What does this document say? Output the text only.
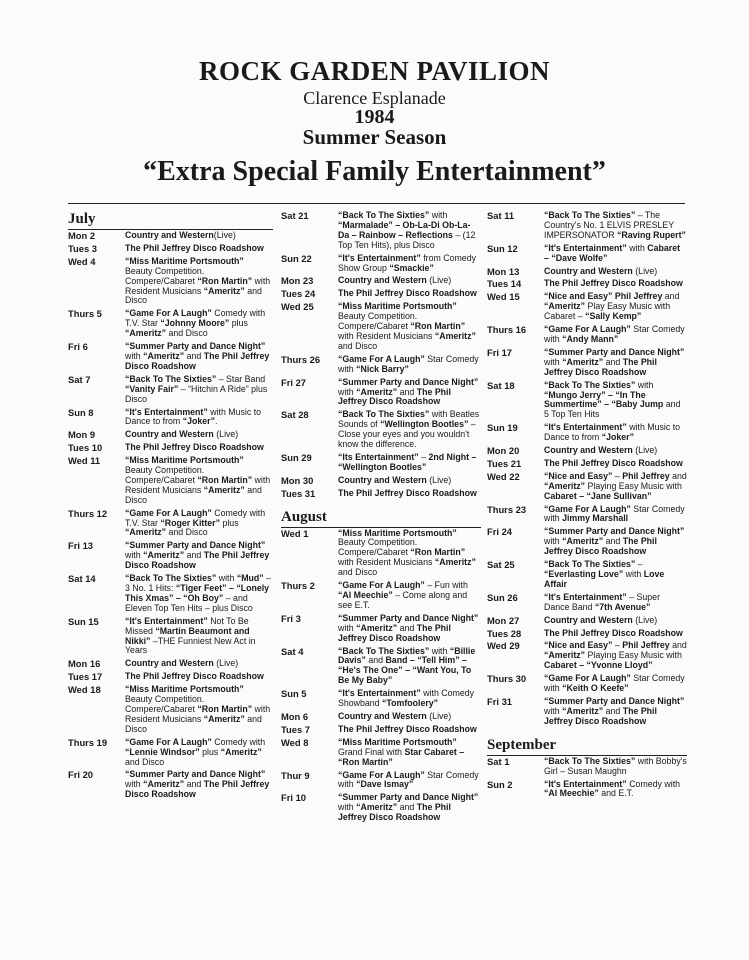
ROCK GARDEN PAVILION
Clarence Esplanade
1984
Summer Season
“Extra Special Family Entertainment”
July
Mon 2	Country and Western(Live)
Tues 3	The Phil Jeffrey Disco Roadshow
Wed 4	“Miss Maritime Portsmouth” Beauty Competition. Compere/Cabaret “Ron Martin” with Resident Musicians “Ameritz” and Disco
Thurs 5	“Game For A Laugh” Comedy with T.V. Star “Johnny Moore” plus “Ameritz” and Disco
Fri 6	“Summer Party and Dance Night” with “Ameritz” and The Phil Jeffrey Disco Roadshow
Sat 7	“Back To The Sixties” – Star Band “Vanity Fair” – “Hitchin A Ride” plus Disco
Sun 8	“It's Entertainment” with Music to Dance to from “Joker”.
Mon 9	Country and Western (Live)
Tues 10	The Phil Jeffrey Disco Roadshow
Wed 11	“Miss Maritime Portsmouth” Beauty Competition. Compere/Cabaret “Ron Martin” with Resident Musicians “Ameritz” and Disco
Thurs 12	“Game For A Laugh” Comedy with T.V. Star “Roger Kitter” plus “Ameritz” and Disco
Fri 13	“Summer Party and Dance Night” with “Ameritz” and The Phil Jeffrey Disco Roadshow
Sat 14	“Back To The Sixties” with “Mud” – 3 No. 1 Hits: “Tiger Feet” – “Lonely This Xmas” – “Oh Boy” – and Eleven Top Ten Hits – plus Disco
Sun 15	“It's Entertainment” Not To Be Missed “Martin Beaumont and Nikki” –THE Funniest New Act in Years
Mon 16	Country and Western (Live)
Tues 17	The Phil Jeffrey Disco Roadshow
Wed 18	“Miss Maritime Portsmouth” Beauty Competition. Compere/Cabaret “Ron Martin” with Resident Musicians “Ameritz” and Disco
Thurs 19	“Game For A Laugh” Comedy with “Lennie Windsor” plus “Ameritz” and Disco
Fri 20	“Summer Party and Dance Night” with “Ameritz” and The Phil Jeffrey Disco Roadshow
Sat 21	“Back To The Sixties” with “Marmalade” – Ob-La-Di Ob-La-Da – Rainbow – Reflections – (12 Top Ten Hits), plus Disco
Sun 22	“It's Entertainment” from Comedy Show Group “Smackie”
Mon 23	Country and Western (Live)
Tues 24	The Phil Jeffrey Disco Roadshow
Wed 25	“Miss Maritime Portsmouth” Beauty Competition. Compere/Cabaret “Ron Martin” with Resident Musicians “Ameritz” and Disco
Thurs 26	“Game For A Laugh” Star Comedy with “Nick Barry”
Fri 27	“Summer Party and Dance Night” with “Ameritz” and The Phil Jeffrey Disco Roadshow
Sat 28	“Back To The Sixties” with Beatles Sounds of “Wellington Bootles” – Close your eyes and you wouldn't know the difference.
Sun 29	“Its Entertainment” – 2nd Night – “Wellington Bootles”
Mon 30	Country and Western (Live)
Tues 31	The Phil Jeffrey Disco Roadshow
August
Wed 1	“Miss Maritime Portsmouth” Beauty Competition. Compere/Cabaret “Ron Martin” with Resident Musicians “Ameritz” and Disco
Thurs 2	“Game For A Laugh” – Fun with “Al Meechie” – Come along and see E.T.
Fri 3	“Summer Party and Dance Night” with “Ameritz” and The Phil Jeffrey Disco Roadshow
Sat 4	“Back To The Sixties” with “Billie Davis” and Band – “Tell Him” – “He's The One” – “Want You, To Be My Baby”
Sun 5	“It's Entertainment” with Comedy Showband “Tomfoolery”
Mon 6	Country and Western (Live)
Tues 7	The Phil Jeffrey Disco Roadshow
Wed 8	“Miss Maritime Portsmouth” Grand Final with Star Cabaret – “Ron Martin”
Thur 9	“Game For A Laugh” Star Comedy with “Dave Ismay”
Fri 10	“Summer Party and Dance Night” with “Ameritz” and The Phil Jeffrey Disco Roadshow
Sat 11	“Back To The Sixties” – The Country's No. 1 ELVIS PRESLEY IMPERSONATOR “Raving Rupert”
Sun 12	“It's Entertainment” with Cabaret – “Dave Wolfe”
Mon 13	Country and Western (Live)
Tues 14	The Phil Jeffrey Disco Roadshow
Wed 15	“Nice and Easy” Phil Jeffrey and “Ameritz” Play Easy Music with Cabaret – “Sally Kemp”
Thurs 16	“Game For A Laugh” Star Comedy with “Andy Mann”
Fri 17	“Summer Party and Dance Night” with “Ameritz” and The Phil Jeffrey Disco Roadshow
Sat 18	“Back To The Sixties” with “Mungo Jerry” – “In The Summertime” – “Baby Jump and 5 Top Ten Hits
Sun 19	“It's Entertainment” with Music to Dance to from “Joker”
Mon 20	Country and Western (Live)
Tues 21	The Phil Jeffrey Disco Roadshow
Wed 22	“Nice and Easy” – Phil Jeffrey and “Ameritz” Playing Easy Music with Cabaret – “Jane Sullivan”
Thurs 23	“Game For A Laugh” Star Comedy with Jimmy Marshall
Fri 24	“Summer Party and Dance Night” with “Ameritz” and The Phil Jeffrey Disco Roadshow
Sat 25	“Back To The Sixties” – “Everlasting Love” with Love Affair
Sun 26	“It's Entertainment” – Super Dance Band “7th Avenue”
Mon 27	Country and Western (Live)
Tues 28	The Phil Jeffrey Disco Roadshow
Wed 29	“Nice and Easy” – Phil Jeffrey and “Ameritz” Playing Easy Music with Cabaret – “Yvonne Lloyd”
Thurs 30	“Game For A Laugh” Star Comedy with “Keith O Keefe”
Fri 31	“Summer Party and Dance Night” with “Ameritz” and The Phil Jeffrey Disco Roadshow
September
Sat 1	“Back To The Sixties” with Bobby's Girl – Susan Maughn
Sun 2	“It's Entertainment” Comedy with “Al Meechie” and E.T.
